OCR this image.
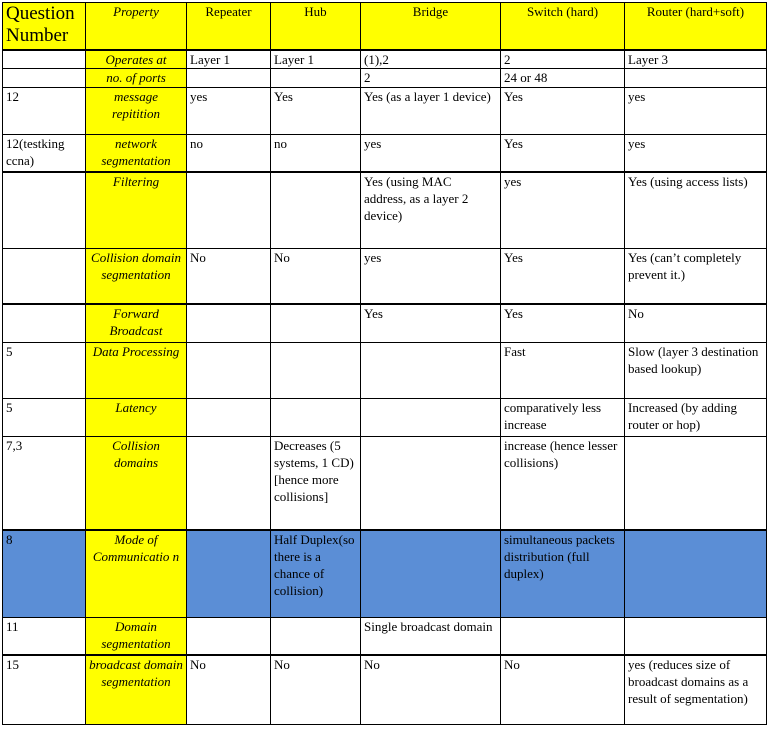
Question Number	Property	Repeater	Hub	Bridge	Switch (hard)	Router (hard+soft)
	Operates at	Layer 1	Layer 1	(1),2	2	Layer 3
	no. of ports			2	24 or 48	
12	message repitition	yes	Yes	Yes (as a layer 1 device)	Yes	yes
12(testking ccna)	network segmentation	no	no	yes	Yes	yes
	Filtering			Yes (using MAC address, as a layer 2 device)	yes	Yes (using access lists)
	Collision domain segmentation	No	No	yes	Yes	Yes (can’t completely prevent it.)
	Forward Broadcast			Yes	Yes	No
5	Data Processing				Fast	Slow (layer 3 destination based lookup)
5	Latency				comparatively less increase	Increased (by adding router or hop)
7,3	Collision domains		Decreases (5 systems, 1 CD) [hence more collisions]		increase (hence lesser collisions)	
8	Mode of Communicatio n		Half Duplex(so there is a chance of collision)		simultaneous packets distribution (full duplex)	
11	Domain segmentation			Single broadcast domain		
15	broadcast domain segmentation	No	No	No	No	yes (reduces size of broadcast domains as a result of segmentation)
